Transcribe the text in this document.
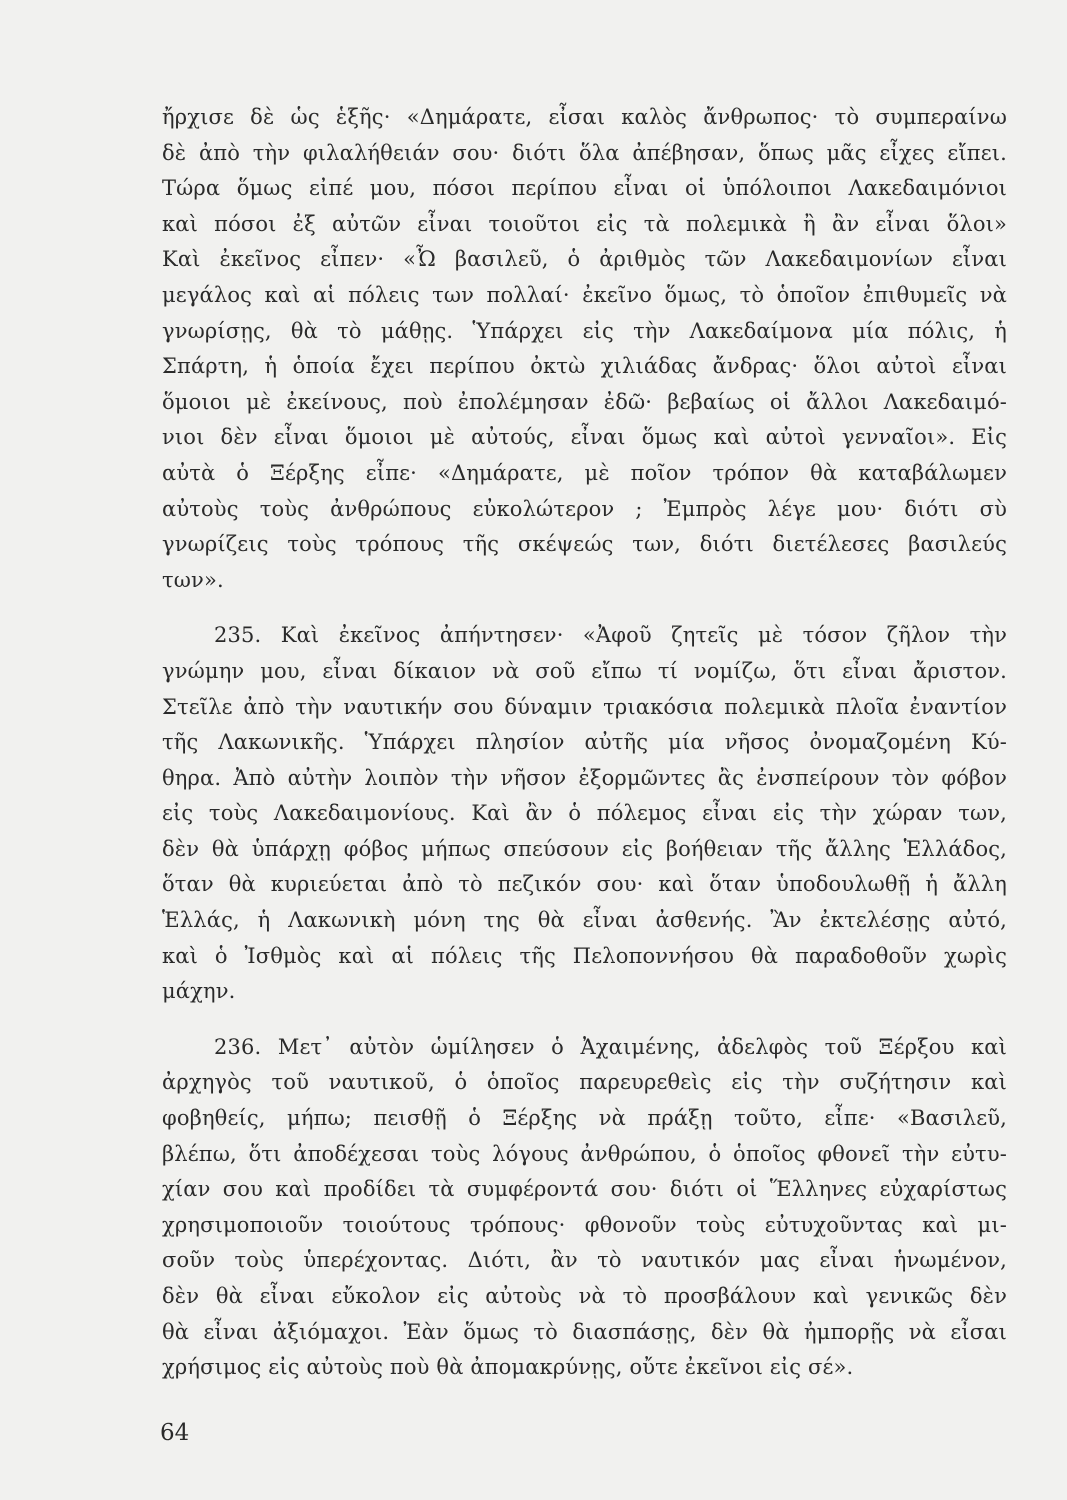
ἤρχισε δὲ ὡς ἑξῆς· «Δημάρατε, εἶσαι καλὸς ἄνθρωπος· τὸ συμπεραίνω
δὲ ἀπὸ τὴν φιλαλήθειάν σου· διότι ὅλα ἀπέβησαν, ὅπως μᾶς εἶχες εἴπει.
Τώρα ὅμως εἰπέ μου, πόσοι περίπου εἶναι οἱ ὑπόλοιποι Λακεδαιμόνιοι
καὶ πόσοι ἐξ αὐτῶν εἶναι τοιοῦτοι εἰς τὰ πολεμικὰ ἢ ἂν εἶναι ὅλοι»
Καὶ ἐκεῖνος εἶπεν· «Ὦ βασιλεῦ, ὁ ἀριθμὸς τῶν Λακεδαιμονίων εἶναι
μεγάλος καὶ αἱ πόλεις των πολλαί· ἐκεῖνο ὅμως, τὸ ὁποῖον ἐπιθυμεῖς νὰ
γνωρίσῃς, θὰ τὸ μάθῃς. Ὑπάρχει εἰς τὴν Λακεδαίμονα μία πόλις, ἡ
Σπάρτη, ἡ ὁποία ἔχει περίπου ὀκτὼ χιλιάδας ἄνδρας· ὅλοι αὐτοὶ εἶναι
ὅμοιοι μὲ ἐκείνους, ποὺ ἐπολέμησαν ἐδῶ· βεβαίως οἱ ἄλλοι Λακεδαιμό-
νιοι δὲν εἶναι ὅμοιοι μὲ αὐτούς, εἶναι ὅμως καὶ αὐτοὶ γενναῖοι». Εἰς
αὐτὰ ὁ Ξέρξης εἶπε· «Δημάρατε, μὲ ποῖον τρόπον θὰ καταβάλωμεν
αὐτοὺς τοὺς ἀνθρώπους εὐκολώτερον ; Ἐμπρὸς λέγε μου· διότι σὺ
γνωρίζεις τοὺς τρόπους τῆς σκέψεώς των, διότι διετέλεσες βασιλεύς
των».
235. Καὶ ἐκεῖνος ἀπήντησεν· «Ἀφοῦ ζητεῖς μὲ τόσον ζῆλον τὴν
γνώμην μου, εἶναι δίκαιον νὰ σοῦ εἴπω τί νομίζω, ὅτι εἶναι ἄριστον.
Στεῖλε ἀπὸ τὴν ναυτικήν σου δύναμιν τριακόσια πολεμικὰ πλοῖα ἐναντίον
τῆς Λακωνικῆς. Ὑπάρχει πλησίον αὐτῆς μία νῆσος ὀνομαζομένη Κύ-
θηρα. Ἀπὸ αὐτὴν λοιπὸν τὴν νῆσον ἐξορμῶντες ἂς ἐνσπείρουν τὸν φόβον
εἰς τοὺς Λακεδαιμονίους. Καὶ ἂν ὁ πόλεμος εἶναι εἰς τὴν χώραν των,
δὲν θὰ ὑπάρχῃ φόβος μήπως σπεύσουν εἰς βοήθειαν τῆς ἄλλης Ἑλλάδος,
ὅταν θὰ κυριεύεται ἀπὸ τὸ πεζικόν σου· καὶ ὅταν ὑποδουλωθῇ ἡ ἄλλη
Ἑλλάς, ἡ Λακωνικὴ μόνη της θὰ εἶναι ἀσθενής. Ἂν ἐκτελέσῃς αὐτό,
καὶ ὁ Ἰσθμὸς καὶ αἱ πόλεις τῆς Πελοποννήσου θὰ παραδοθοῦν χωρὶς
μάχην.
236. Μετ᾽ αὐτὸν ὡμίλησεν ὁ Ἀχαιμένης, ἀδελφὸς τοῦ Ξέρξου καὶ
ἀρχηγὸς τοῦ ναυτικοῦ, ὁ ὁποῖος παρευρεθεὶς εἰς τὴν συζήτησιν καὶ
φοβηθείς, μήπω; πεισθῇ ὁ Ξέρξης νὰ πράξῃ τοῦτο, εἶπε· «Βασιλεῦ,
βλέπω, ὅτι ἀποδέχεσαι τοὺς λόγους ἀνθρώπου, ὁ ὁποῖος φθονεῖ τὴν εὐτυ-
χίαν σου καὶ προδίδει τὰ συμφέροντά σου· διότι οἱ Ἕλληνες εὐχαρίστως
χρησιμοποιοῦν τοιούτους τρόπους· φθονοῦν τοὺς εὐτυχοῦντας καὶ μι-
σοῦν τοὺς ὑπερέχοντας. Διότι, ἂν τὸ ναυτικόν μας εἶναι ἡνωμένον,
δὲν θὰ εἶναι εὔκολον εἰς αὐτοὺς νὰ τὸ προσβάλουν καὶ γενικῶς δὲν
θὰ εἶναι ἀξιόμαχοι. Ἐὰν ὅμως τὸ διασπάσῃς, δὲν θὰ ἠμπορῇς νὰ εἶσαι
χρήσιμος εἰς αὐτοὺς ποὺ θὰ ἀπομακρύνῃς, οὔτε ἐκεῖνοι εἰς σέ».
64
